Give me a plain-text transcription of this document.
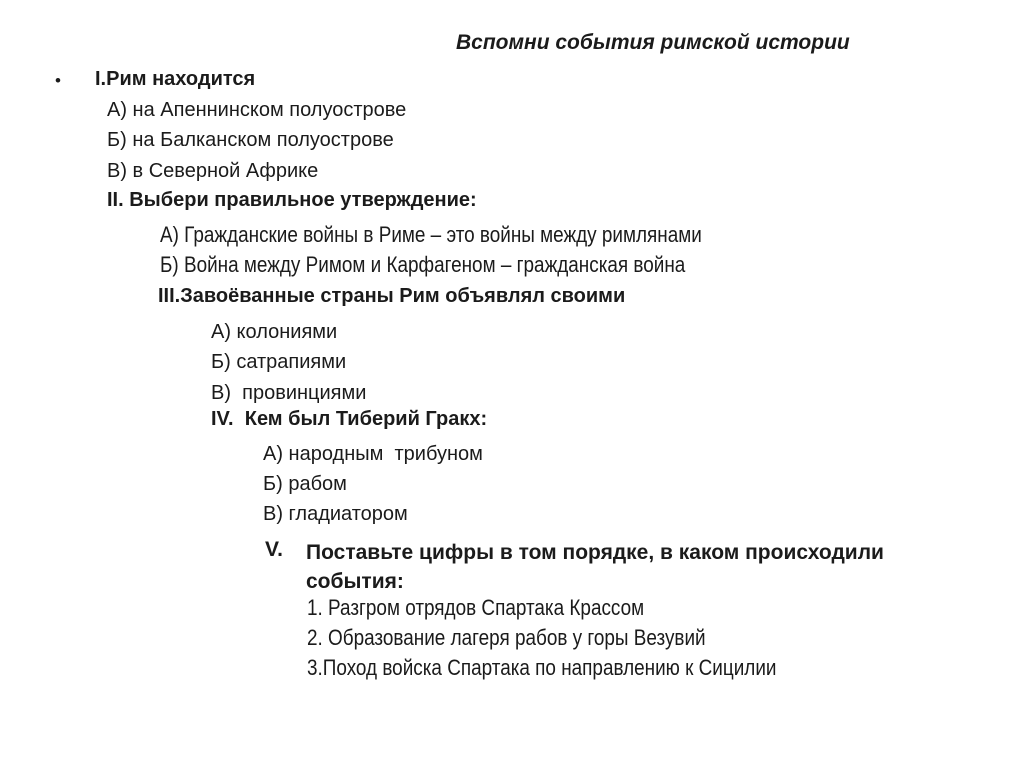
Вспомни события римской истории
• I.Рим находится
А) на Апеннинском полуострове
Б) на Балканском полуострове
В) в Северной Африке
II. Выбери правильное утверждение:
А) Гражданские войны в Риме – это войны между римлянами
Б) Война между Римом и Карфагеном – гражданская война
III.Завоёванные страны Рим объявлял своими
А) колониями
Б) сатрапиями
В)  провинциями
IV.  Кем был Тиберий Гракх:
А) народным  трибуном
Б) рабом
В) гладиатором
V.	Поставьте цифры в том порядке, в каком происходили события:
1. Разгром отрядов Спартака Крассом
2. Образование лагеря рабов у горы Везувий
3.Поход войска Спартака по направлению к Сицилии
